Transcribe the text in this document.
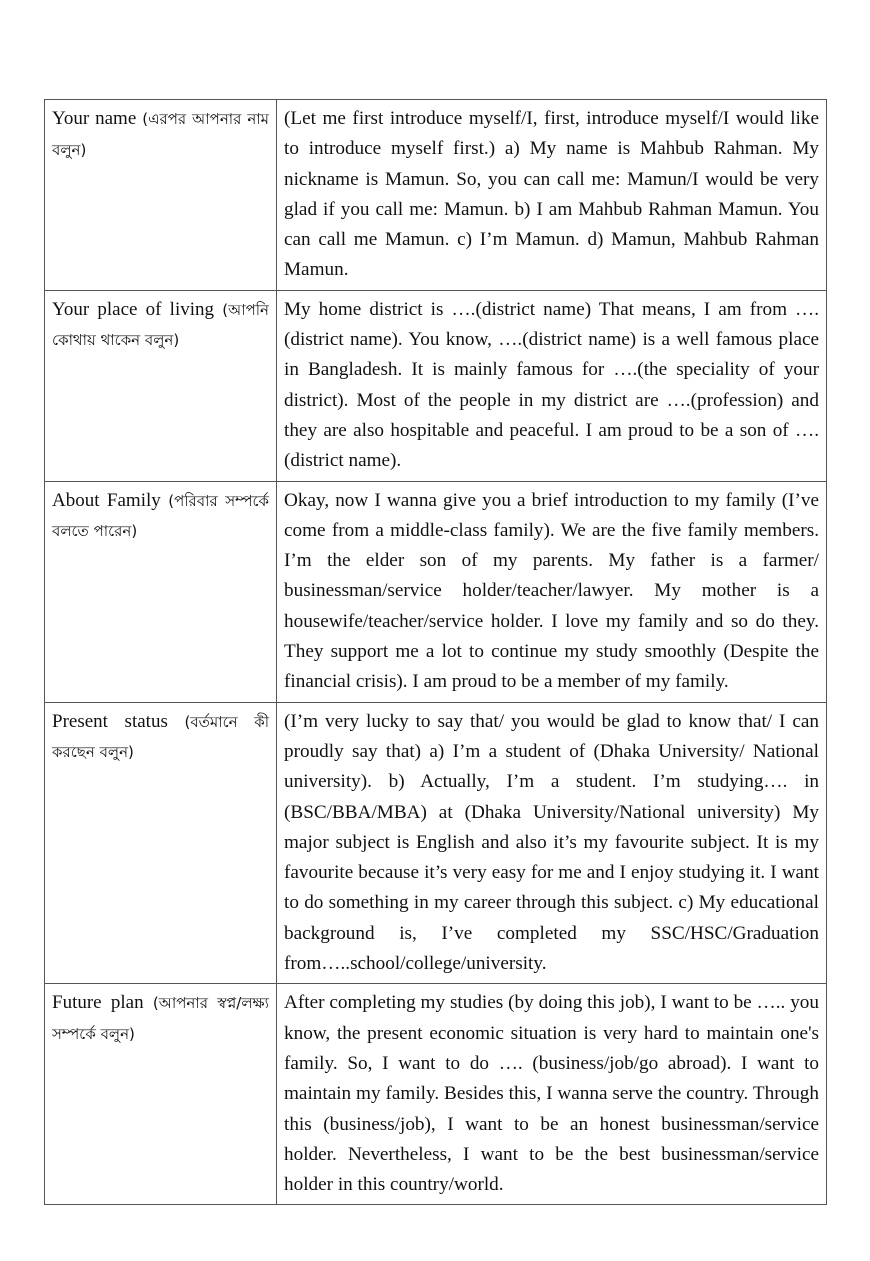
Your name (এরপর আপনার নাম বলুন)	(Let me first introduce myself/I, first, introduce myself/I would like to introduce myself first.) a) My name is Mahbub Rahman. My nickname is Mamun. So, you can call me: Mamun/I would be very glad if you call me: Mamun. b) I am Mahbub Rahman Mamun. You can call me Mamun. c) I’m Mamun. d) Mamun, Mahbub Rahman Mamun.
Your place of living (আপনি কোথায় থাকেন বলুন)	My home district is ….(district name) That means, I am from ….(district name). You know, ….(district name) is a well famous place in Bangladesh. It is mainly famous for ….(the speciality of your district). Most of the people in my district are ….(profession) and they are also hospitable and peaceful. I am proud to be a son of ….(district name).
About Family (পরিবার সম্পর্কে বলতে পারেন)	Okay, now I wanna give you a brief introduction to my family (I’ve come from a middle-class family). We are the five family members. I’m the elder son of my parents. My father is a farmer/ businessman/service holder/teacher/lawyer. My mother is a housewife/teacher/service holder. I love my family and so do they. They support me a lot to continue my study smoothly (Despite the financial crisis). I am proud to be a member of my family.
Present status (বর্তমানে কী করছেন বলুন)	(I’m very lucky to say that/ you would be glad to know that/ I can proudly say that) a) I’m a student of (Dhaka University/ National university). b) Actually, I’m a student. I’m studying…. in (BSC/BBA/MBA) at (Dhaka University/National university) My major subject is English and also it’s my favourite subject. It is my favourite because it’s very easy for me and I enjoy studying it. I want to do something in my career through this subject. c) My educational background is, I’ve completed my SSC/HSC/Graduation from…..school/college/university.
Future plan (আপনার স্বপ্ন/লক্ষ্য সম্পর্কে বলুন)	After completing my studies (by doing this job), I want to be ….. you know, the present economic situation is very hard to maintain one's family. So, I want to do …. (business/job/go abroad). I want to maintain my family. Besides this, I wanna serve the country. Through this (business/job), I want to be an honest businessman/service holder. Nevertheless, I want to be the best businessman/service holder in this country/world.
